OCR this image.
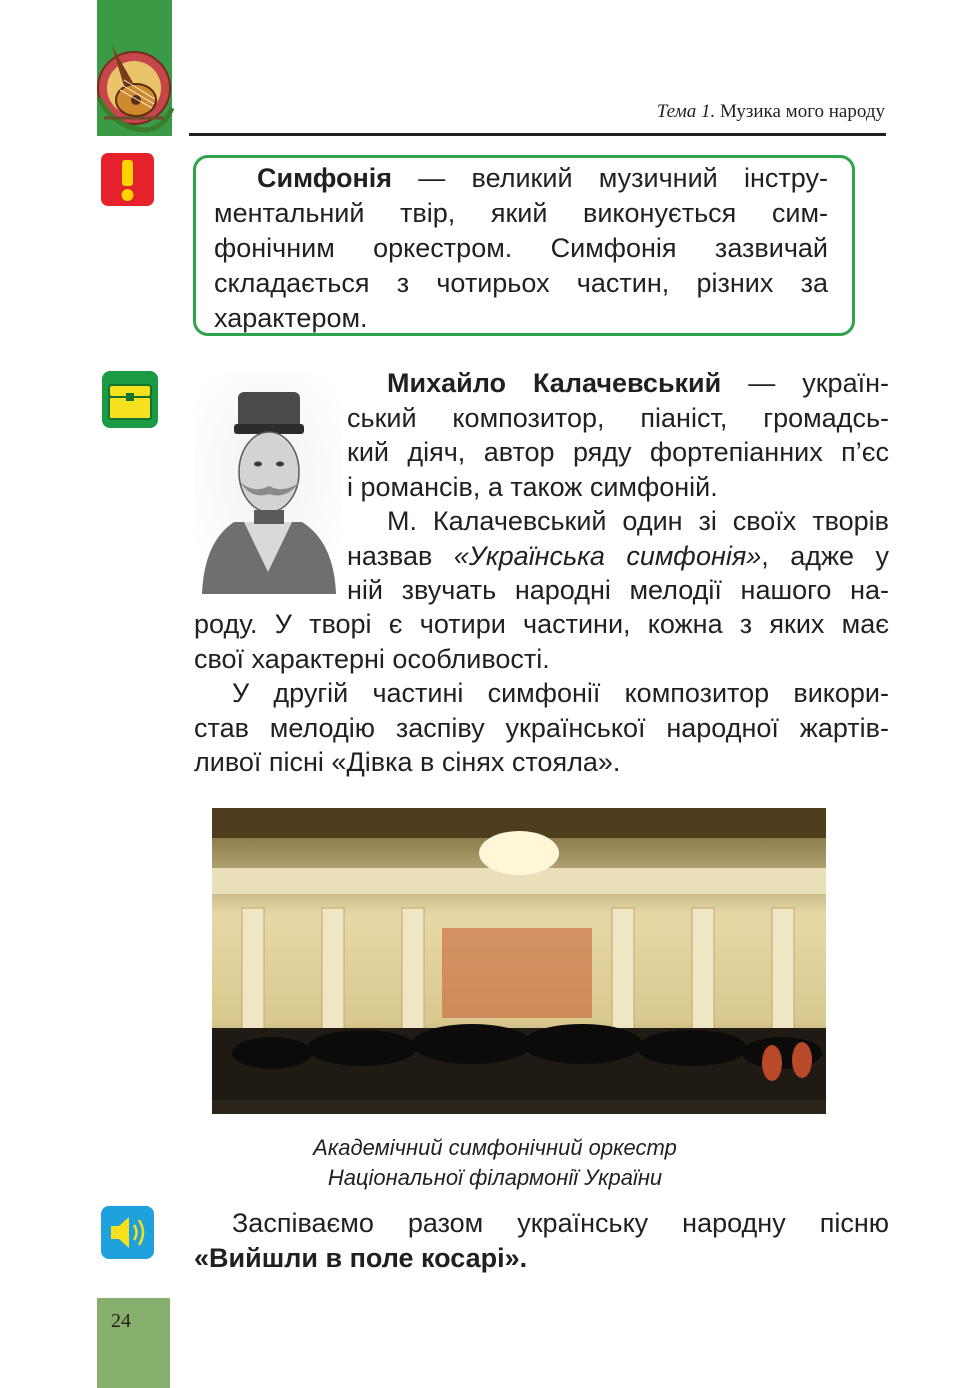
Тема 1. Музика мого народу
Симфонія — великий музичний інстру-
ментальний твір, який виконується сим-
фонічним оркестром. Симфонія зазвичай
складається з чотирьох частин, різних за
характером.
Михайло Калачевський — україн-
ський композитор, піаніст, громадсь-
кий діяч, автор ряду фортепіанних п’єс
і романсів, а також симфоній.
М. Калачевський один зі своїх творів
назвав «Українська симфонія», адже у
ній звучать народні мелодії нашого на-
роду. У творі є чотири частини, кожна з яких має
свої характерні особливості.
У другій частині симфонії композитор викори-
став мелодію заспіву української народної жартів-
ливої пісні «Дівка в сінях стояла».
Академічний симфонічний оркестр
Національної філармонії України
Заспіваємо разом українську народну пісню
«Вийшли в поле косарі».
24
